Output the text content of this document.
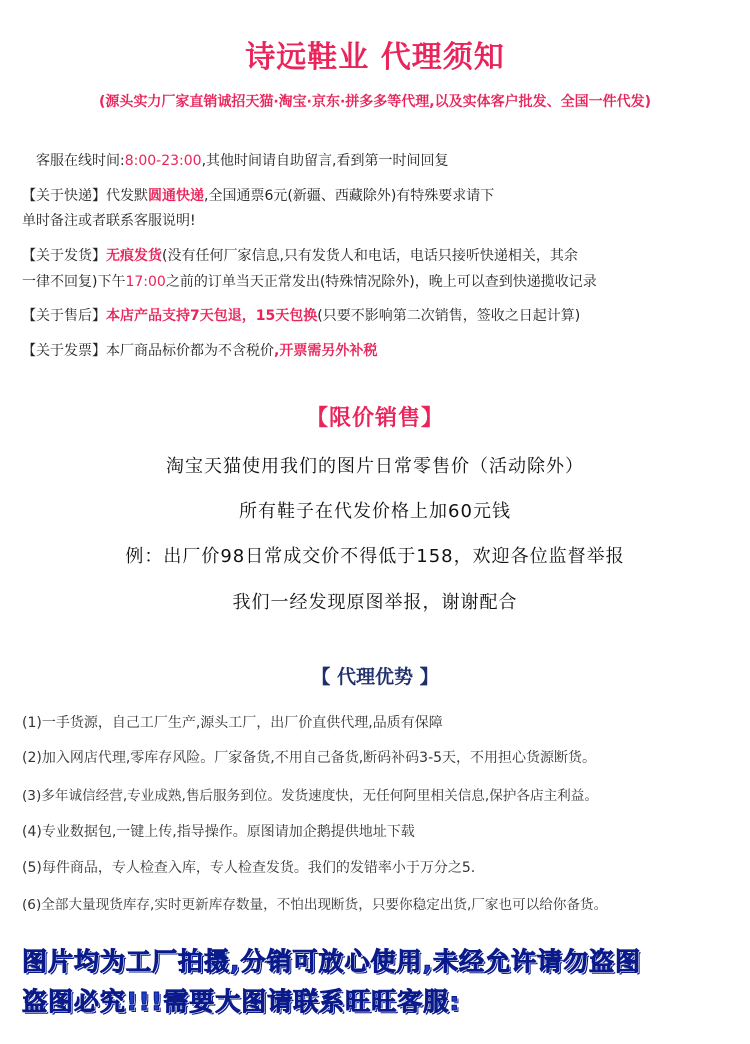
诗远鞋业 代理须知
(源头实力厂家直销诚招天猫·淘宝·京东·拼多多等代理,以及实体客户批发、全国一件代发)
客服在线时间:8:00-23:00,其他时间请自助留言,看到第一时间回复
【关于快递】代发默圆通快递,全国通票6元(新疆、西藏除外)有特殊要求请下
单时备注或者联系客服说明!
【关于发货】无痕发货(没有任何厂家信息,只有发货人和电话，电话只接听快递相关，其余
一律不回复)下午17:00之前的订单当天正常发出(特殊情况除外)，晚上可以查到快递揽收记录
【关于售后】本店产品支持7天包退，15天包换(只要不影响第二次销售，签收之日起计算)
【关于发票】本厂商品标价都为不含税价,开票需另外补税
【限价销售】
淘宝天猫使用我们的图片日常零售价（活动除外）
所有鞋子在代发价格上加60元钱
例：出厂价98日常成交价不得低于158，欢迎各位监督举报
我们一经发现原图举报，谢谢配合
【 代理优势 】
(1)一手货源，自己工厂生产,源头工厂，出厂价直供代理,品质有保障
(2)加入网店代理,零库存风险。厂家备货,不用自己备货,断码补码3-5天，不用担心货源断货。
(3)多年诚信经营,专业成熟,售后服务到位。发货速度快，无任何阿里相关信息,保护各店主利益。
(4)专业数据包,一键上传,指导操作。原图请加企鹅提供地址下载
(5)每件商品，专人检查入库，专人检查发货。我们的发错率小于万分之5.
(6)全部大量现货库存,实时更新库存数量，不怕出现断货，只要你稳定出货,厂家也可以给你备货。
图片均为工厂拍摄,分销可放心使用,未经允许请勿盗图
盗图必究!!!需要大图请联系旺旺客服:
